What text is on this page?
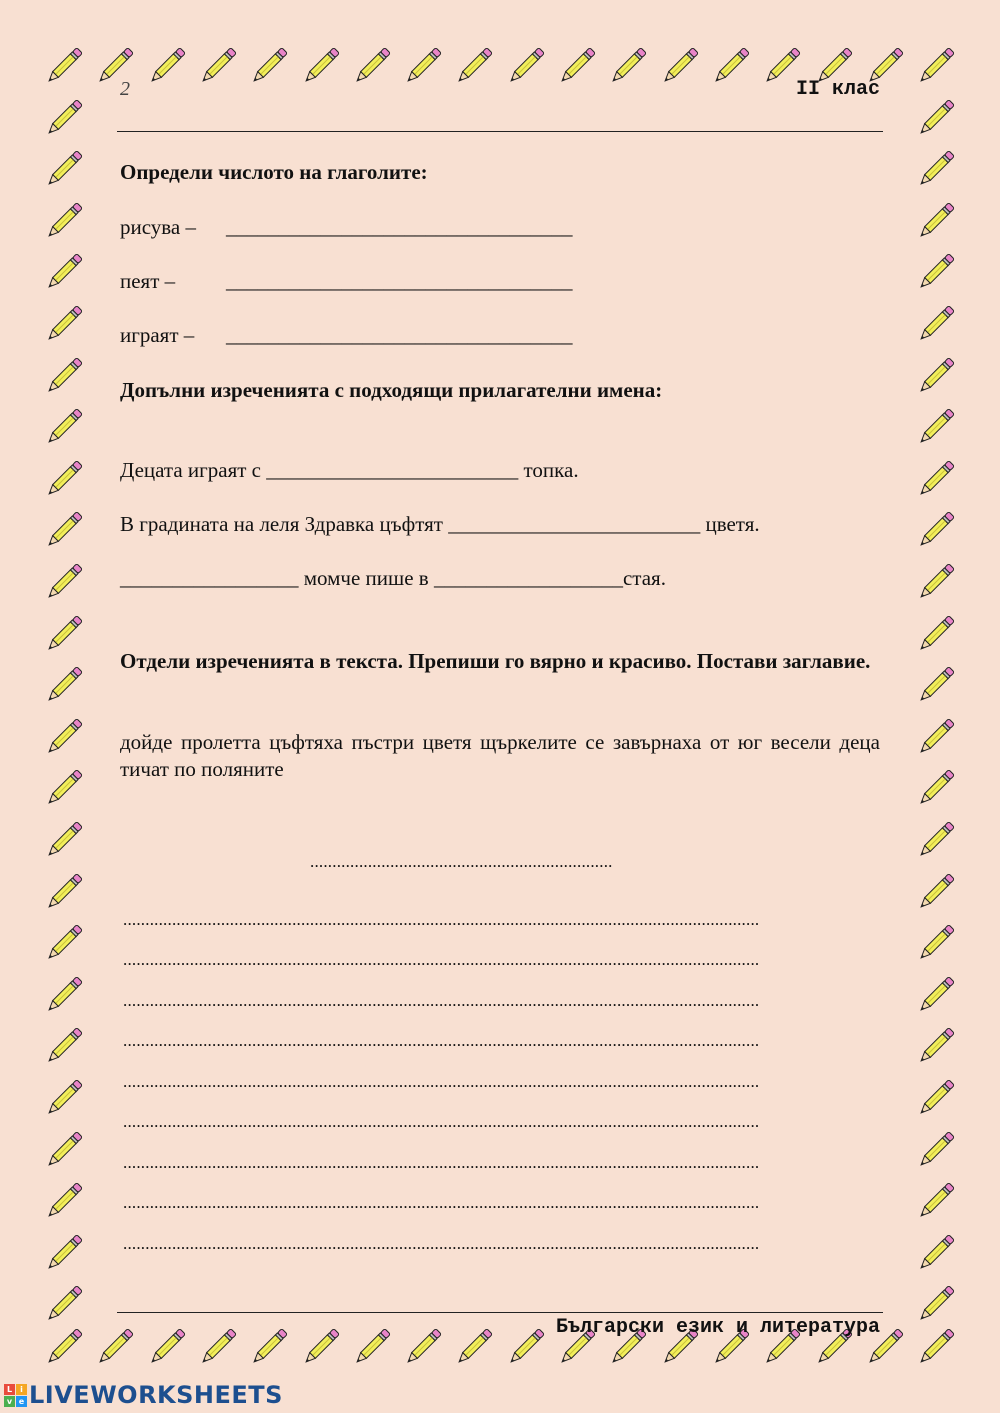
2	II клас
Определи числото на глаголите:
рисува – _________________________________
пеят – _________________________________
играят – _________________________________
Допълни изреченията с подходящи прилагателни имена:
Децата играят с ________________________ топка.
В градината на леля Здравка цъфтят ________________________ цветя.
_________________ момче пише в __________________стая.
Отдели изреченията в текста. Препиши го вярно и красиво. Постави заглавие.
дойде пролетта цъфтяха пъстри цветя щъркелите се завърнаха от юг весели деца тичат по поляните
....................................................................
...............................................................................................................................................
...............................................................................................................................................
...............................................................................................................................................
...............................................................................................................................................
...............................................................................................................................................
...............................................................................................................................................
...............................................................................................................................................
...............................................................................................................................................
...............................................................................................................................................
Български език и литература
L	i
v e LIVEWORKSHEETS
